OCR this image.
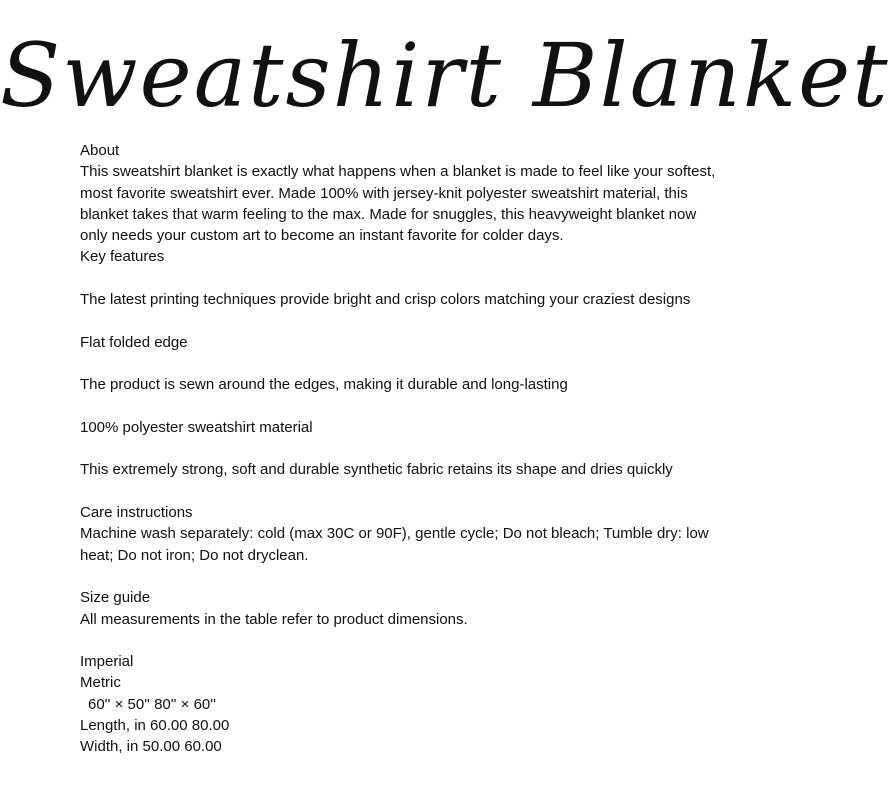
Sweatshirt Blanket

About

This sweatshirt blanket is exactly what happens when a blanket is made to feel like your softest, most favorite sweatshirt ever. Made 100% with jersey-knit polyester sweatshirt material, this blanket takes that warm feeling to the max. Made for snuggles, this heavyweight blanket now only needs your custom art to become an instant favorite for colder days.

Key features

The latest printing techniques provide bright and crisp colors matching your craziest designs

Flat folded edge

The product is sewn around the edges, making it durable and long-lasting

100% polyester sweatshirt material

This extremely strong, soft and durable synthetic fabric retains its shape and dries quickly

Care instructions

Machine wash separately: cold (max 30C or 90F), gentle cycle; Do not bleach; Tumble dry: low heat; Do not iron; Do not dryclean.

Size guide

All measurements in the table refer to product dimensions.

Imperial

Metric

60'' × 50'' 80'' × 60''

Length, in 60.00 80.00

Width, in 50.00 60.00
